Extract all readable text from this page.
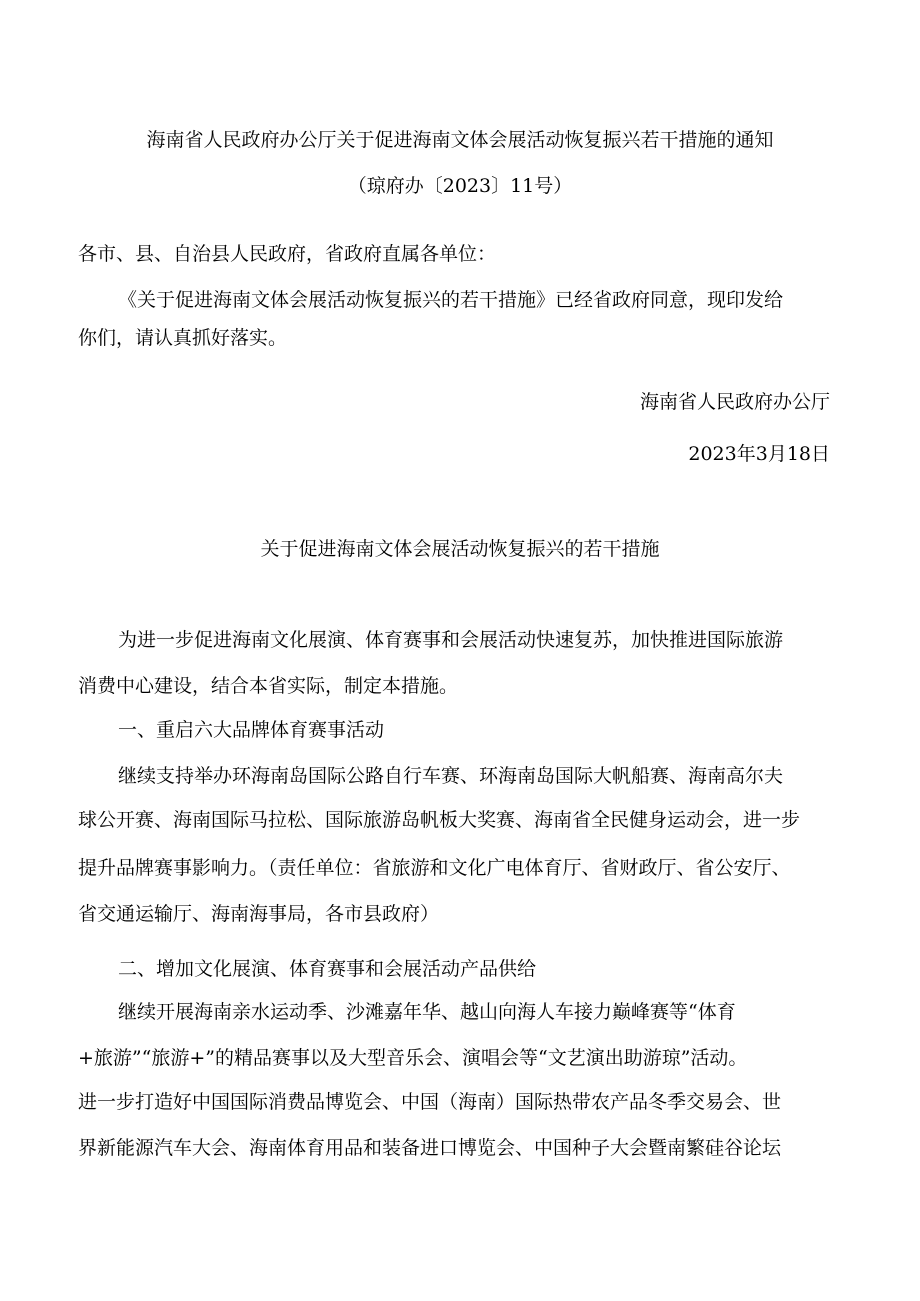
海南省人民政府办公厅关于促进海南文体会展活动恢复振兴若干措施的通知
（琼府办〔2023〕11号）
各市、县、自治县人民政府，省政府直属各单位：
《关于促进海南文体会展活动恢复振兴的若干措施》已经省政府同意，现印发给
你们，请认真抓好落实。
海南省人民政府办公厅
2023年3月18日
关于促进海南文体会展活动恢复振兴的若干措施
为进一步促进海南文化展演、体育赛事和会展活动快速复苏，加快推进国际旅游
消费中心建设，结合本省实际，制定本措施。
一、重启六大品牌体育赛事活动
继续支持举办环海南岛国际公路自行车赛、环海南岛国际大帆船赛、海南高尔夫
球公开赛、海南国际马拉松、国际旅游岛帆板大奖赛、海南省全民健身运动会，进一步
提升品牌赛事影响力。（责任单位：省旅游和文化广电体育厅、省财政厅、省公安厅、
省交通运输厅、海南海事局，各市县政府）
二、增加文化展演、体育赛事和会展活动产品供给
继续开展海南亲水运动季、沙滩嘉年华、越山向海人车接力巅峰赛等“体育
+旅游”“旅游+”的精品赛事以及大型音乐会、演唱会等“文艺演出助游琼”活动。
进一步打造好中国国际消费品博览会、中国（海南）国际热带农产品冬季交易会、世
界新能源汽车大会、海南体育用品和装备进口博览会、中国种子大会暨南繁硅谷论坛
